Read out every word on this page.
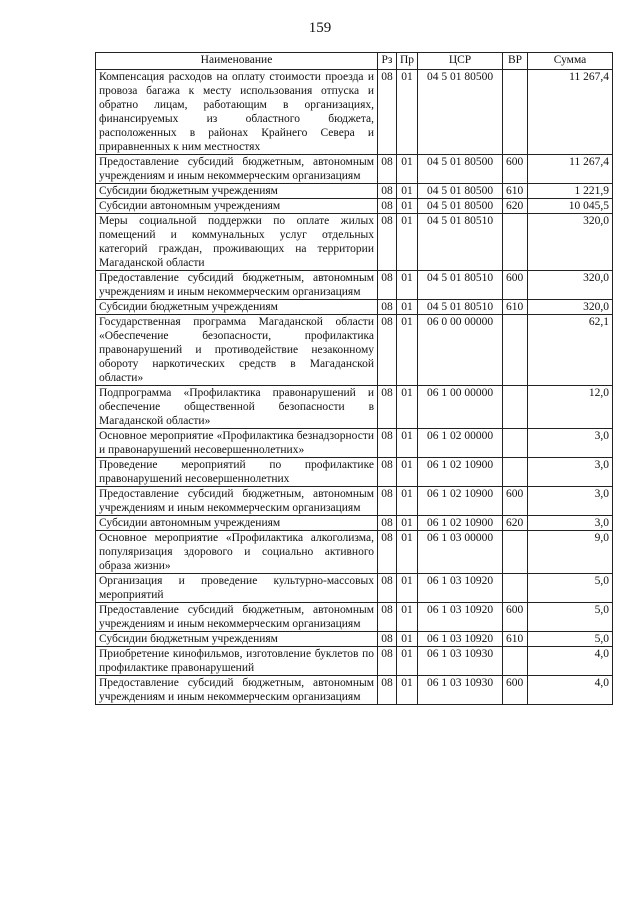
159
Наименование	Рз	Пр	ЦСР	ВР	Сумма
Компенсация расходов на оплату стоимости проезда и провоза багажа к месту использования отпуска и обратно лицам, работающим в организациях, финансируемых из областного бюджета, расположенных в районах Крайнего Севера и приравненных к ним местностях	08	01	04 5 01 80500		11 267,4
Предоставление субсидий бюджетным, автономным учреждениям и иным некоммерческим организациям	08	01	04 5 01 80500	600	11 267,4
Субсидии бюджетным учреждениям	08	01	04 5 01 80500	610	1 221,9
Субсидии автономным учреждениям	08	01	04 5 01 80500	620	10 045,5
Меры социальной поддержки по оплате жилых помещений и коммунальных услуг отдельных категорий граждан, проживающих на территории Магаданской области	08	01	04 5 01 80510		320,0
Предоставление субсидий бюджетным, автономным учреждениям и иным некоммерческим организациям	08	01	04 5 01 80510	600	320,0
Субсидии бюджетным учреждениям	08	01	04 5 01 80510	610	320,0
Государственная программа Магаданской области «Обеспечение безопасности, профилактика правонарушений и противодействие незаконному обороту наркотических средств в Магаданской области»	08	01	06 0 00 00000		62,1
Подпрограмма «Профилактика правонарушений и обеспечение общественной безопасности в Магаданской области»	08	01	06 1 00 00000		12,0
Основное мероприятие «Профилактика безнадзорности и правонарушений несовершеннолетних»	08	01	06 1 02 00000		3,0
Проведение мероприятий по профилактике правонарушений несовершеннолетних	08	01	06 1 02 10900		3,0
Предоставление субсидий бюджетным, автономным учреждениям и иным некоммерческим организациям	08	01	06 1 02 10900	600	3,0
Субсидии автономным учреждениям	08	01	06 1 02 10900	620	3,0
Основное мероприятие «Профилактика алкоголизма, популяризация здорового и социально активного образа жизни»	08	01	06 1 03 00000		9,0
Организация и проведение культурно-массовых мероприятий	08	01	06 1 03 10920		5,0
Предоставление субсидий бюджетным, автономным учреждениям и иным некоммерческим организациям	08	01	06 1 03 10920	600	5,0
Субсидии бюджетным учреждениям	08	01	06 1 03 10920	610	5,0
Приобретение кинофильмов, изготовление буклетов по профилактике правонарушений	08	01	06 1 03 10930		4,0
Предоставление субсидий бюджетным, автономным учреждениям и иным некоммерческим организациям	08	01	06 1 03 10930	600	4,0
